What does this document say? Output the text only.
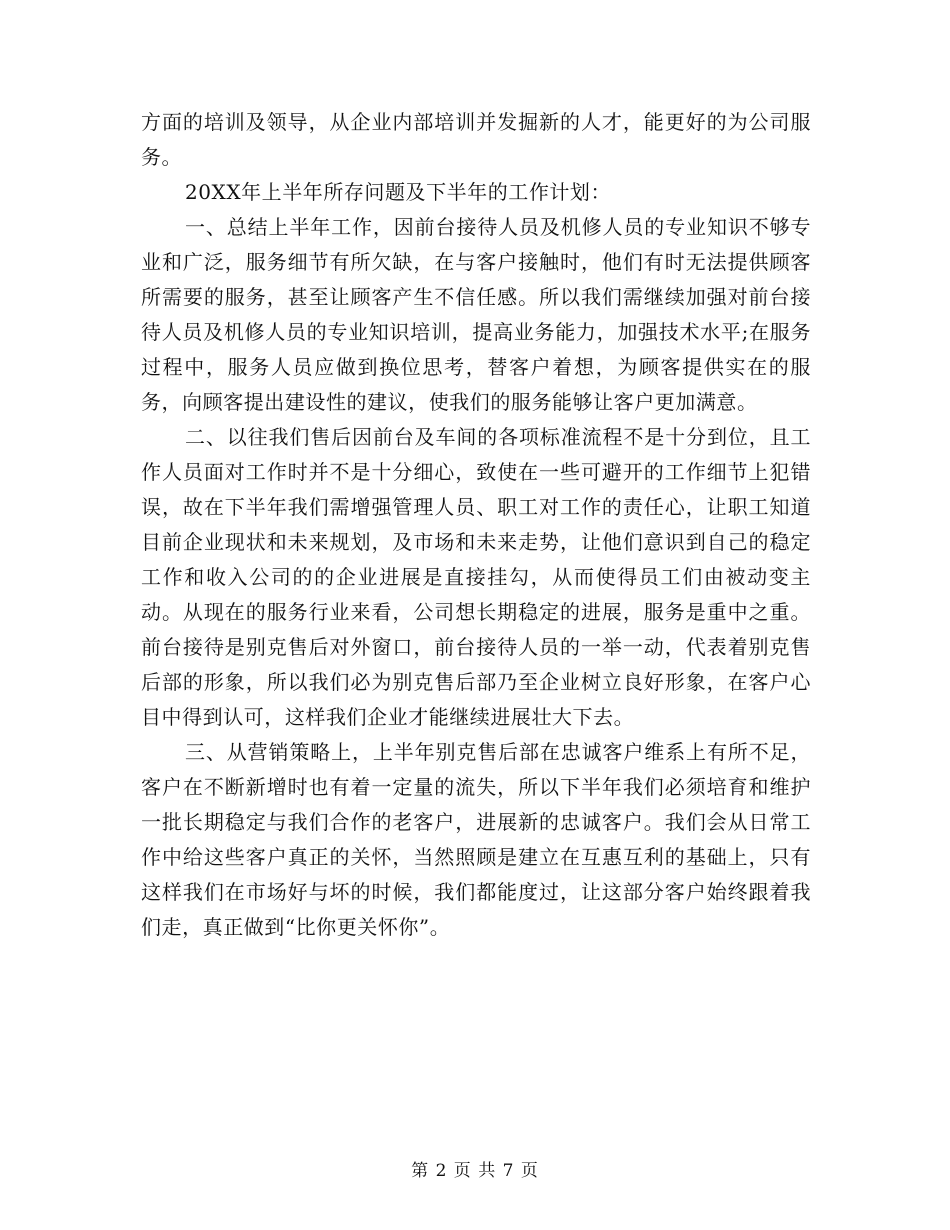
方面的培训及领导，从企业内部培训并发掘新的人才，能更好的为公司服务。

20XX年上半年所存问题及下半年的工作计划：

一、总结上半年工作，因前台接待人员及机修人员的专业知识不够专业和广泛，服务细节有所欠缺，在与客户接触时，他们有时无法提供顾客所需要的服务，甚至让顾客产生不信任感。所以我们需继续加强对前台接待人员及机修人员的专业知识培训，提高业务能力，加强技术水平;在服务过程中，服务人员应做到换位思考，替客户着想，为顾客提供实在的服务，向顾客提出建设性的建议，使我们的服务能够让客户更加满意。

二、以往我们售后因前台及车间的各项标准流程不是十分到位，且工作人员面对工作时并不是十分细心，致使在一些可避开的工作细节上犯错误，故在下半年我们需增强管理人员、职工对工作的责任心，让职工知道目前企业现状和未来规划，及市场和未来走势，让他们意识到自己的稳定工作和收入公司的的企业进展是直接挂勾，从而使得员工们由被动变主动。从现在的服务行业来看，公司想长期稳定的进展，服务是重中之重。前台接待是别克售后对外窗口，前台接待人员的一举一动，代表着别克售后部的形象，所以我们必为别克售后部乃至企业树立良好形象，在客户心目中得到认可，这样我们企业才能继续进展壮大下去。

三、从营销策略上，上半年别克售后部在忠诚客户维系上有所不足，客户在不断新增时也有着一定量的流失，所以下半年我们必须培育和维护一批长期稳定与我们合作的老客户，进展新的忠诚客户。我们会从日常工作中给这些客户真正的关怀，当然照顾是建立在互惠互利的基础上，只有这样我们在市场好与坏的时候，我们都能度过，让这部分客户始终跟着我们走，真正做到“比你更关怀你”。

第 2 页 共 7 页
